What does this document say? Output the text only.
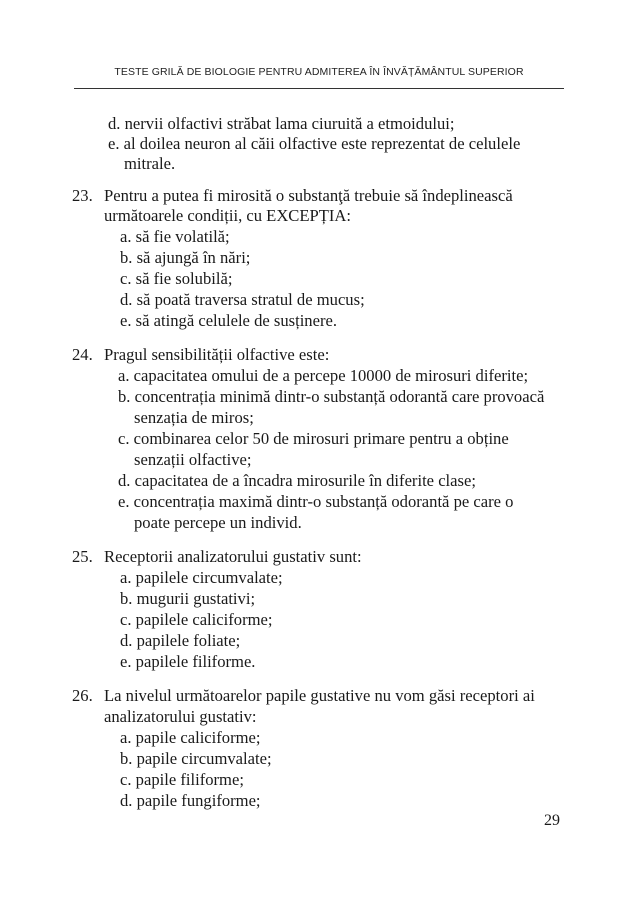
TESTE GRILĂ DE BIOLOGIE PENTRU ADMITEREA ÎN ÎNVĂȚĂMÂNTUL SUPERIOR
d. nervii olfactivi străbat lama ciuruită a etmoidului;
e. al doilea neuron al căii olfactive este reprezentat de celulele
mitrale.
23. Pentru a putea fi mirosită o substanţă trebuie să îndeplinească
următoarele condiții, cu EXCEPȚIA:
a. să fie volatilă;
b. să ajungă în nări;
c. să fie solubilă;
d. să poată traversa stratul de mucus;
e. să atingă celulele de susținere.
24. Pragul sensibilității olfactive este:
a. capacitatea omului de a percepe 10000 de mirosuri diferite;
b. concentrația minimă dintr-o substanță odorantă care provoacă
senzația de miros;
c. combinarea celor 50 de mirosuri primare pentru a obține
senzații olfactive;
d. capacitatea de a încadra mirosurile în diferite clase;
e. concentrația maximă dintr-o substanță odorantă pe care o
poate percepe un individ.
25. Receptorii analizatorului gustativ sunt:
a. papilele circumvalate;
b. mugurii gustativi;
c. papilele caliciforme;
d. papilele foliate;
e. papilele filiforme.
26. La nivelul următoarelor papile gustative nu vom găsi receptori ai
analizatorului gustativ:
a. papile caliciforme;
b. papile circumvalate;
c. papile filiforme;
d. papile fungiforme;
29
